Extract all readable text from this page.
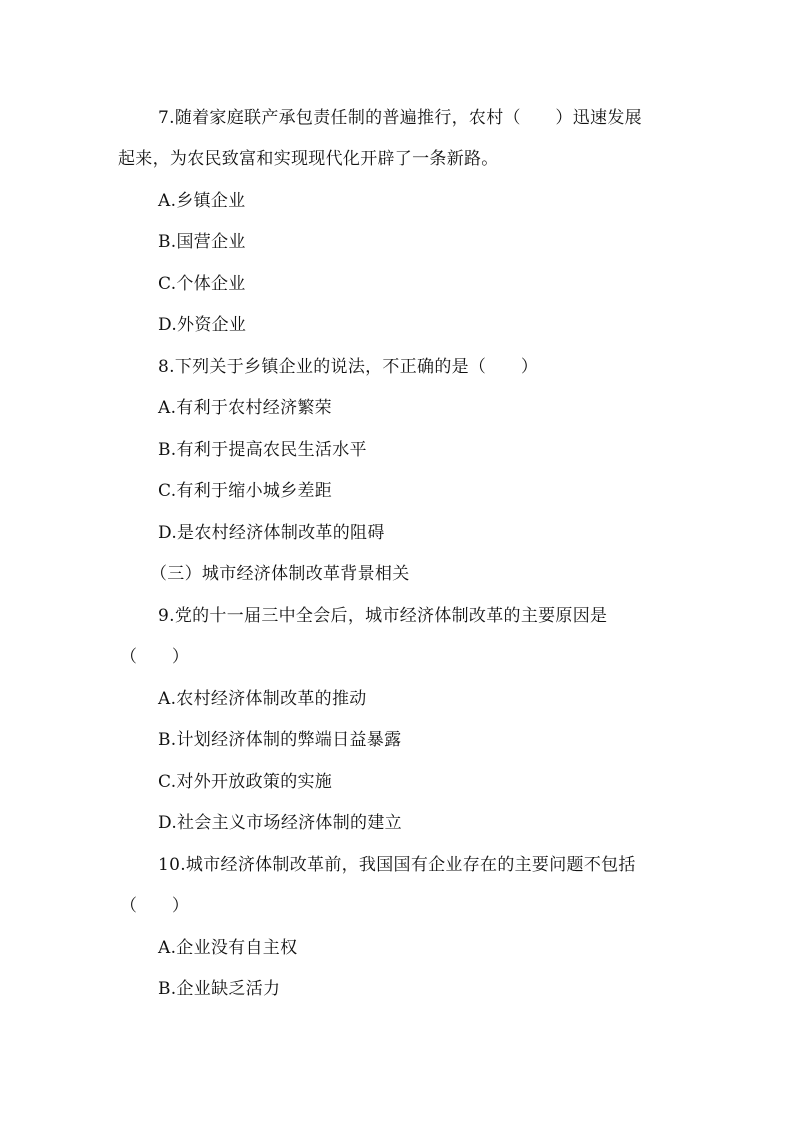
7.随着家庭联产承包责任制的普遍推行，农村（　　）迅速发展
起来，为农民致富和实现现代化开辟了一条新路。
A.乡镇企业
B.国营企业
C.个体企业
D.外资企业
8.下列关于乡镇企业的说法，不正确的是（　　）
A.有利于农村经济繁荣
B.有利于提高农民生活水平
C.有利于缩小城乡差距
D.是农村经济体制改革的阻碍
（三）城市经济体制改革背景相关
9.党的十一届三中全会后，城市经济体制改革的主要原因是
（　　）
A.农村经济体制改革的推动
B.计划经济体制的弊端日益暴露
C.对外开放政策的实施
D.社会主义市场经济体制的建立
10.城市经济体制改革前，我国国有企业存在的主要问题不包括
（　　）
A.企业没有自主权
B.企业缺乏活力
